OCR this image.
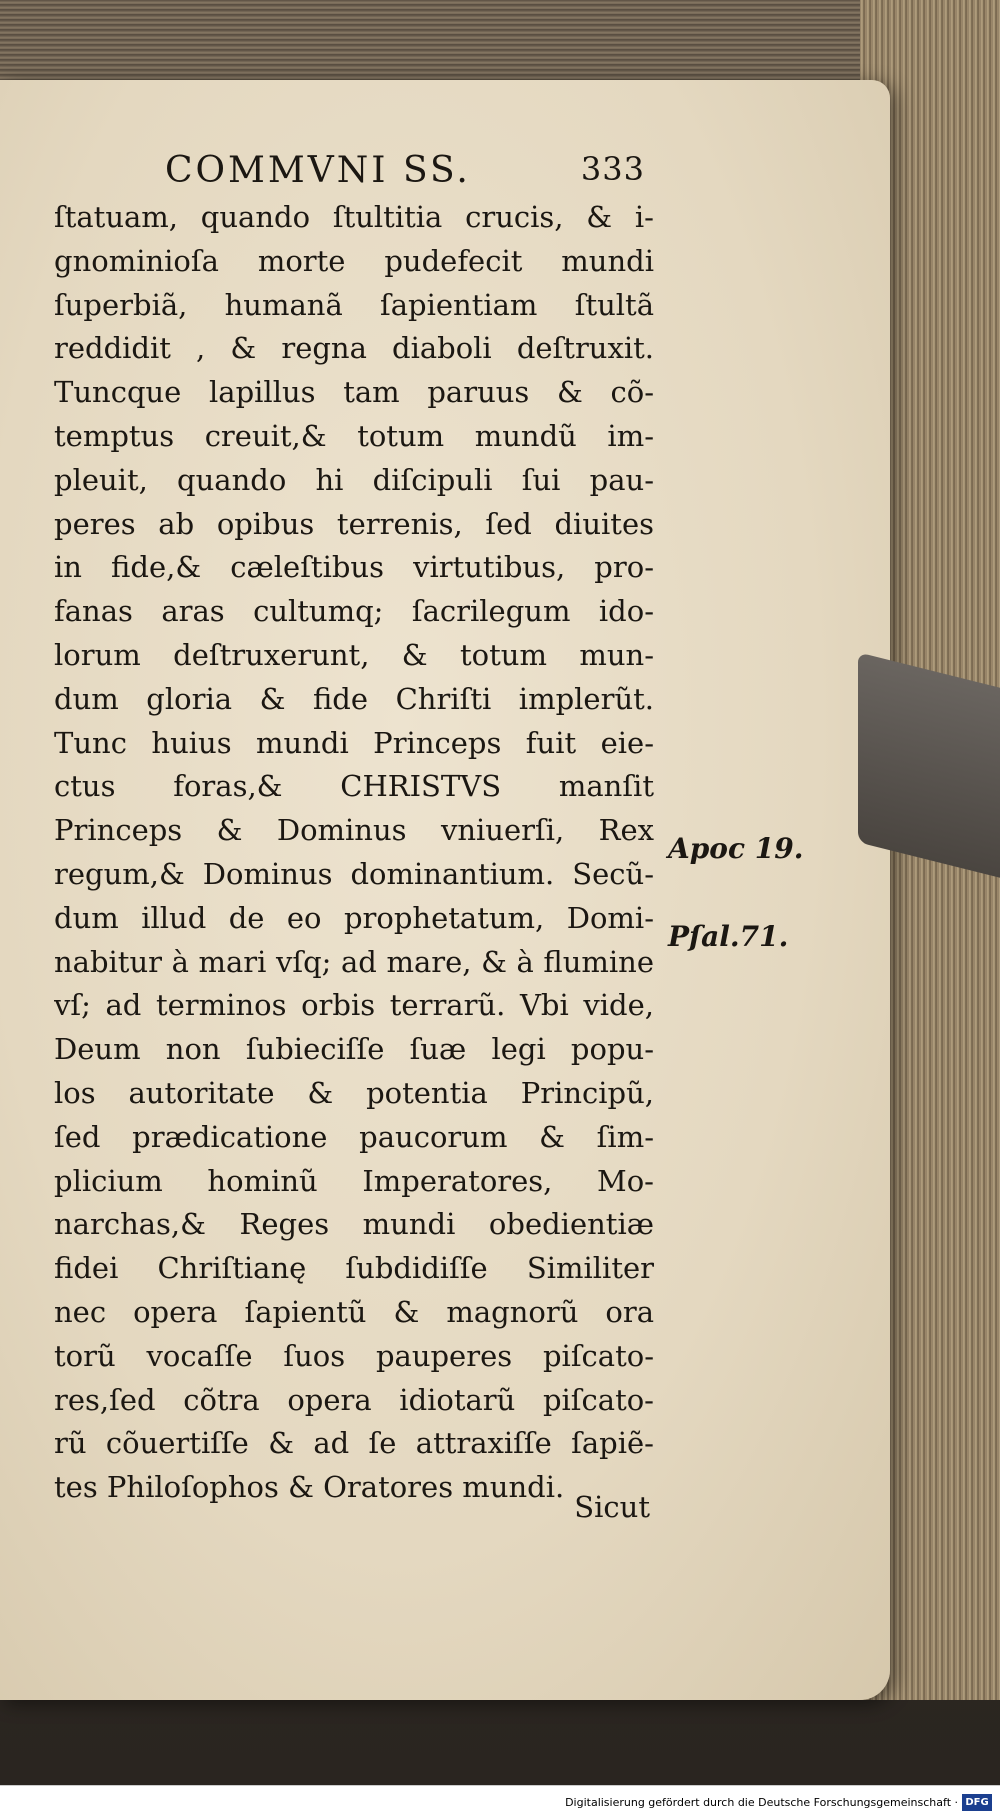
COMMVNI SS.	333
ſtatuam, quando ſtultitia crucis, & i-
gnominioſa morte pudefecit mundi
ſuperbiã, humanã ſapientiam ſtultã
reddidit , & regna diaboli deſtruxit.
Tuncque lapillus tam paruus & cõ-
temptus creuit,& totum mundũ im-
pleuit, quando hi diſcipuli ſui pau-
peres ab opibus terrenis, ſed diuites
in fide,& cæleſtibus virtutibus, pro-
fanas aras cultumq; ſacrilegum ido-
lorum deſtruxerunt, & totum mun-
dum gloria & fide Chriſti implerũt.
Tunc huius mundi Princeps fuit eie-
ctus foras,& CHRISTVS manſit
Princeps & Dominus vniuerſi, Rex
regum,& Dominus dominantium. Secũ-
dum illud de eo prophetatum, Domi-
nabitur à mari vſq; ad mare, & à flumine
vſ; ad terminos orbis terrarũ. Vbi vide,
Deum non ſubieciſſe ſuæ legi popu-
los autoritate & potentia Principũ,
ſed prædicatione paucorum & ſim-
plicium hominũ Imperatores, Mo-
narchas,& Reges mundi obedientiæ
fidei Chriſtianę ſubdidiſſe Similiter
nec opera ſapientũ & magnorũ ora
torũ vocaſſe ſuos pauperes piſcato-
res,ſed cõtra opera idiotarũ piſcato-
rũ cõuertiſſe & ad ſe attraxiſſe ſapiẽ-
tes Philoſophos & Oratores mundi.
Sicut
Apoc 19.
Pſal.71.
Digitalisierung gefördert durch die Deutsche Forschungsgemeinschaft · DFG
